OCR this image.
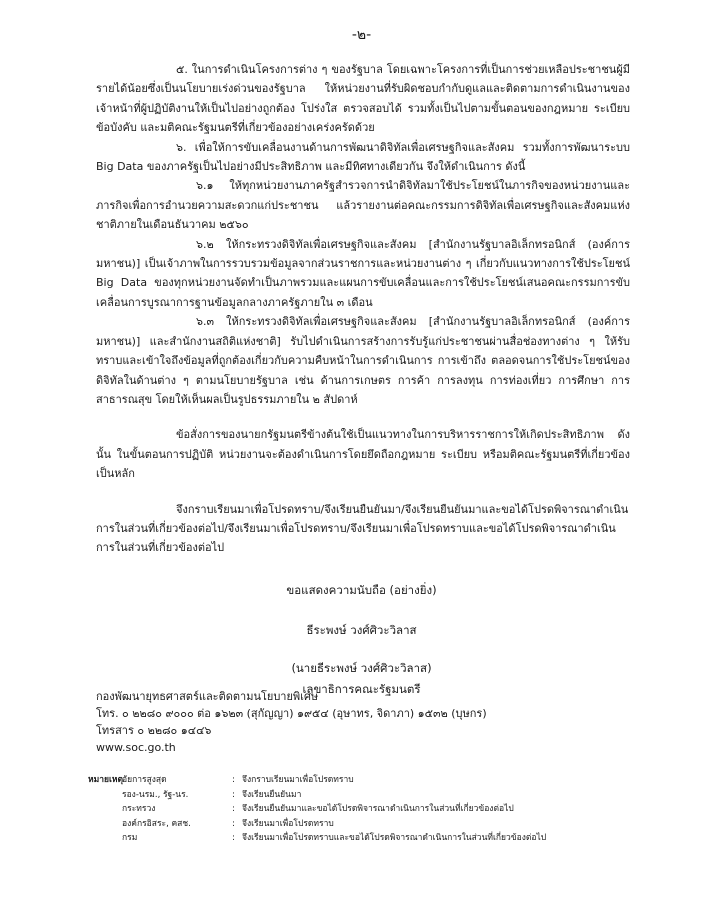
-๒-

๕. ในการดำเนินโครงการต่าง ๆ ของรัฐบาล โดยเฉพาะโครงการที่เป็นการช่วยเหลือประชาชนผู้มีรายได้น้อยซึ่งเป็นนโยบายเร่งด่วนของรัฐบาล ให้หน่วยงานที่รับผิดชอบกำกับดูแลและติดตามการดำเนินงานของเจ้าหน้าที่ผู้ปฏิบัติงานให้เป็นไปอย่างถูกต้อง โปร่งใส ตรวจสอบได้ รวมทั้งเป็นไปตามขั้นตอนของกฎหมาย ระเบียบ ข้อบังคับ และมติคณะรัฐมนตรีที่เกี่ยวข้องอย่างเคร่งครัดด้วย

๖. เพื่อให้การขับเคลื่อนงานด้านการพัฒนาดิจิทัลเพื่อเศรษฐกิจและสังคม รวมทั้งการพัฒนาระบบ Big Data ของภาครัฐเป็นไปอย่างมีประสิทธิภาพ และมีทิศทางเดียวกัน จึงให้ดำเนินการ ดังนี้

๖.๑ ให้ทุกหน่วยงานภาครัฐสำรวจการนำดิจิทัลมาใช้ประโยชน์ในภารกิจของหน่วยงานและภารกิจเพื่อการอำนวยความสะดวกแก่ประชาชน แล้วรายงานต่อคณะกรรมการดิจิทัลเพื่อเศรษฐกิจและสังคมแห่งชาติภายในเดือนธันวาคม ๒๕๖๐

๖.๒ ให้กระทรวงดิจิทัลเพื่อเศรษฐกิจและสังคม [สำนักงานรัฐบาลอิเล็กทรอนิกส์ (องค์การมหาชน)] เป็นเจ้าภาพในการรวบรวมข้อมูลจากส่วนราชการและหน่วยงานต่าง ๆ เกี่ยวกับแนวทางการใช้ประโยชน์ Big Data ของทุกหน่วยงานจัดทำเป็นภาพรวมและแผนการขับเคลื่อนและการใช้ประโยชน์เสนอคณะกรรมการขับเคลื่อนการบูรณาการฐานข้อมูลกลางภาครัฐภายใน ๓ เดือน

๖.๓ ให้กระทรวงดิจิทัลเพื่อเศรษฐกิจและสังคม [สำนักงานรัฐบาลอิเล็กทรอนิกส์ (องค์การมหาชน)] และสำนักงานสถิติแห่งชาติ] รับไปดำเนินการสร้างการรับรู้แก่ประชาชนผ่านสื่อช่องทางต่าง ๆ ให้รับทราบและเข้าใจถึงข้อมูลที่ถูกต้องเกี่ยวกับความคืบหน้าในการดำเนินการ การเข้าถึง ตลอดจนการใช้ประโยชน์ของดิจิทัลในด้านต่าง ๆ ตามนโยบายรัฐบาล เช่น ด้านการเกษตร การค้า การลงทุน การท่องเที่ยว การศึกษา การสาธารณสุข โดยให้เห็นผลเป็นรูปธรรมภายใน ๒ สัปดาห์

ข้อสั่งการของนายกรัฐมนตรีข้างต้นใช้เป็นแนวทางในการบริหารราชการให้เกิดประสิทธิภาพ ดังนั้น ในขั้นตอนการปฏิบัติ หน่วยงานจะต้องดำเนินการโดยยึดถือกฎหมาย ระเบียบ หรือมติคณะรัฐมนตรีที่เกี่ยวข้องเป็นหลัก

จึงกราบเรียนมาเพื่อโปรดทราบ/จึงเรียนยืนยันมา/จึงเรียนยืนยันมาและขอได้โปรดพิจารณาดำเนินการในส่วนที่เกี่ยวข้องต่อไป/จึงเรียนมาเพื่อโปรดทราบ/จึงเรียนมาเพื่อโปรดทราบและขอได้โปรดพิจารณาดำเนินการในส่วนที่เกี่ยวข้องต่อไป

ขอแสดงความนับถือ (อย่างยิ่ง)
ธีระพงษ์ วงศ์ศิวะวิลาส
(นายธีระพงษ์ วงศ์ศิวะวิลาส)
เลขาธิการคณะรัฐมนตรี
กองพัฒนายุทธศาสตร์และติดตามนโยบายพิเศษ
โทร. ๐ ๒๒๘๐ ๙๐๐๐ ต่อ ๑๖๒๓ (สุกัญญา) ๑๙๕๔ (อุษาทร, จิดาภา) ๑๕๓๒ (บุษกร)
โทรสาร ๐ ๒๒๘๐ ๑๔๔๖
www.soc.go.th
หมายเหตุ อัยการสูงสุด	: จึงกราบเรียนมาเพื่อโปรดทราบ
รอง-นรม., รัฐ-นร.	: จึงเรียนยืนยันมา
กระทรวง	: จึงเรียนยืนยันมาและขอได้โปรดพิจารณาดำเนินการในส่วนที่เกี่ยวข้องต่อไป
องค์กรอิสระ, คสช.	: จึงเรียนมาเพื่อโปรดทราบ
กรม	: จึงเรียนมาเพื่อโปรดทราบและขอได้โปรดพิจารณาดำเนินการในส่วนที่เกี่ยวข้องต่อไป
